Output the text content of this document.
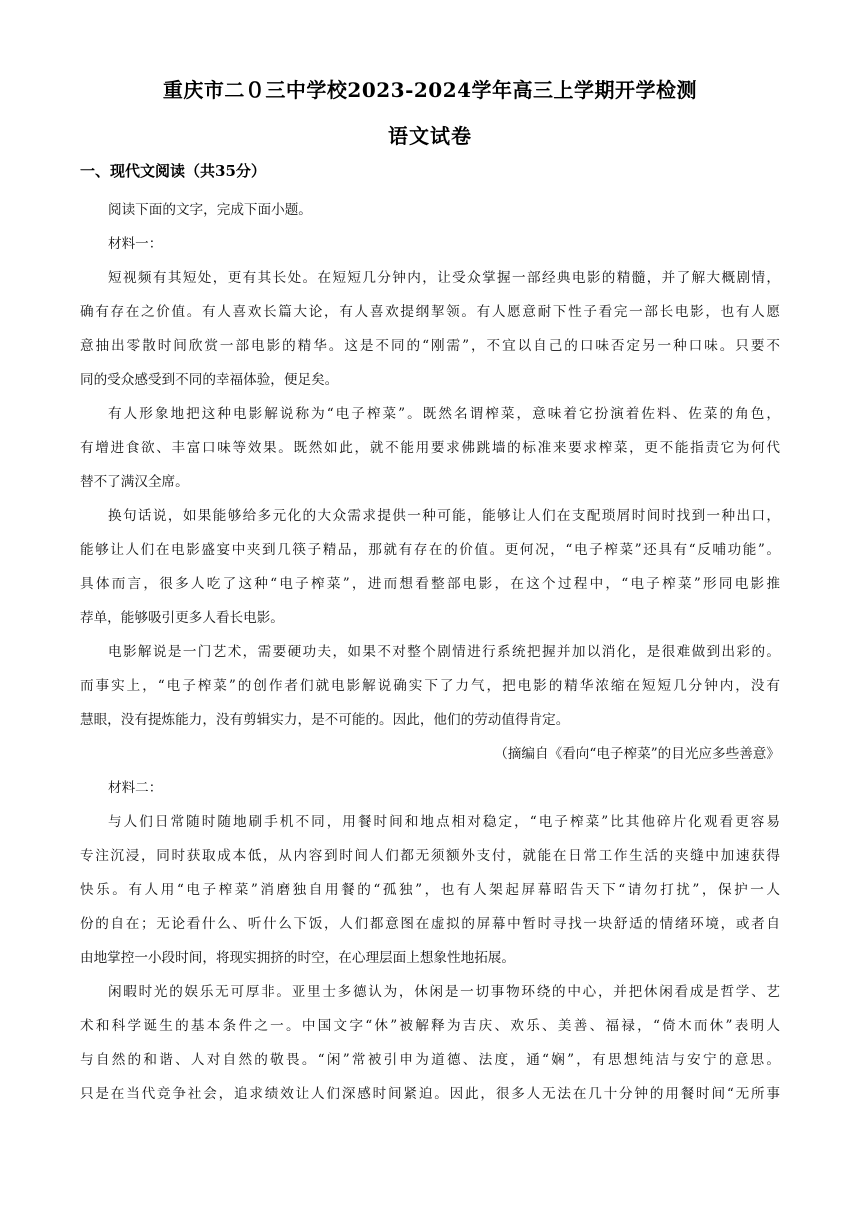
重庆市二０三中学校2023-2024学年高三上学期开学检测
语文试卷
一、现代文阅读（共35分）
阅读下面的文字，完成下面小题。
材料一：
短视频有其短处，更有其长处。在短短几分钟内，让受众掌握一部经典电影的精髓，并了解大概剧情，
确有存在之价值。有人喜欢长篇大论，有人喜欢提纲挈领。有人愿意耐下性子看完一部长电影，也有人愿
意抽出零散时间欣赏一部电影的精华。这是不同的“刚需”，不宜以自己的口味否定另一种口味。只要不
同的受众感受到不同的幸福体验，便足矣。
有人形象地把这种电影解说称为“电子榨菜”。既然名谓榨菜，意味着它扮演着佐料、佐菜的角色，
有增进食欲、丰富口味等效果。既然如此，就不能用要求佛跳墙的标准来要求榨菜，更不能指责它为何代
替不了满汉全席。
换句话说，如果能够给多元化的大众需求提供一种可能，能够让人们在支配琐屑时间时找到一种出口，
能够让人们在电影盛宴中夹到几筷子精品，那就有存在的价值。更何况，“电子榨菜”还具有“反哺功能”。
具体而言，很多人吃了这种“电子榨菜”，进而想看整部电影，在这个过程中，“电子榨菜”形同电影推
荐单，能够吸引更多人看长电影。
电影解说是一门艺术，需要硬功夫，如果不对整个剧情进行系统把握并加以消化，是很难做到出彩的。
而事实上，“电子榨菜”的创作者们就电影解说确实下了力气，把电影的精华浓缩在短短几分钟内，没有
慧眼，没有提炼能力，没有剪辑实力，是不可能的。因此，他们的劳动值得肯定。
（摘编自《看向“电子榨菜”的目光应多些善意》
材料二：
与人们日常随时随地刷手机不同，用餐时间和地点相对稳定，“电子榨菜”比其他碎片化观看更容易
专注沉浸，同时获取成本低，从内容到时间人们都无须额外支付，就能在日常工作生活的夹缝中加速获得
快乐。有人用“电子榨菜”消磨独自用餐的“孤独”，也有人架起屏幕昭告天下“请勿打扰”，保护一人
份的自在；无论看什么、听什么下饭，人们都意图在虚拟的屏幕中暂时寻找一块舒适的情绪环境，或者自
由地掌控一小段时间，将现实拥挤的时空，在心理层面上想象性地拓展。
闲暇时光的娱乐无可厚非。亚里士多德认为，休闲是一切事物环绕的中心，并把休闲看成是哲学、艺
术和科学诞生的基本条件之一。中国文字“休”被解释为吉庆、欢乐、美善、福禄，“倚木而休”表明人
与自然的和谐、人对自然的敬畏。“闲”常被引申为道德、法度，通“娴”，有思想纯洁与安宁的意思。
只是在当代竞争社会，追求绩效让人们深感时间紧迫。因此，很多人无法在几十分钟的用餐时间“无所事
